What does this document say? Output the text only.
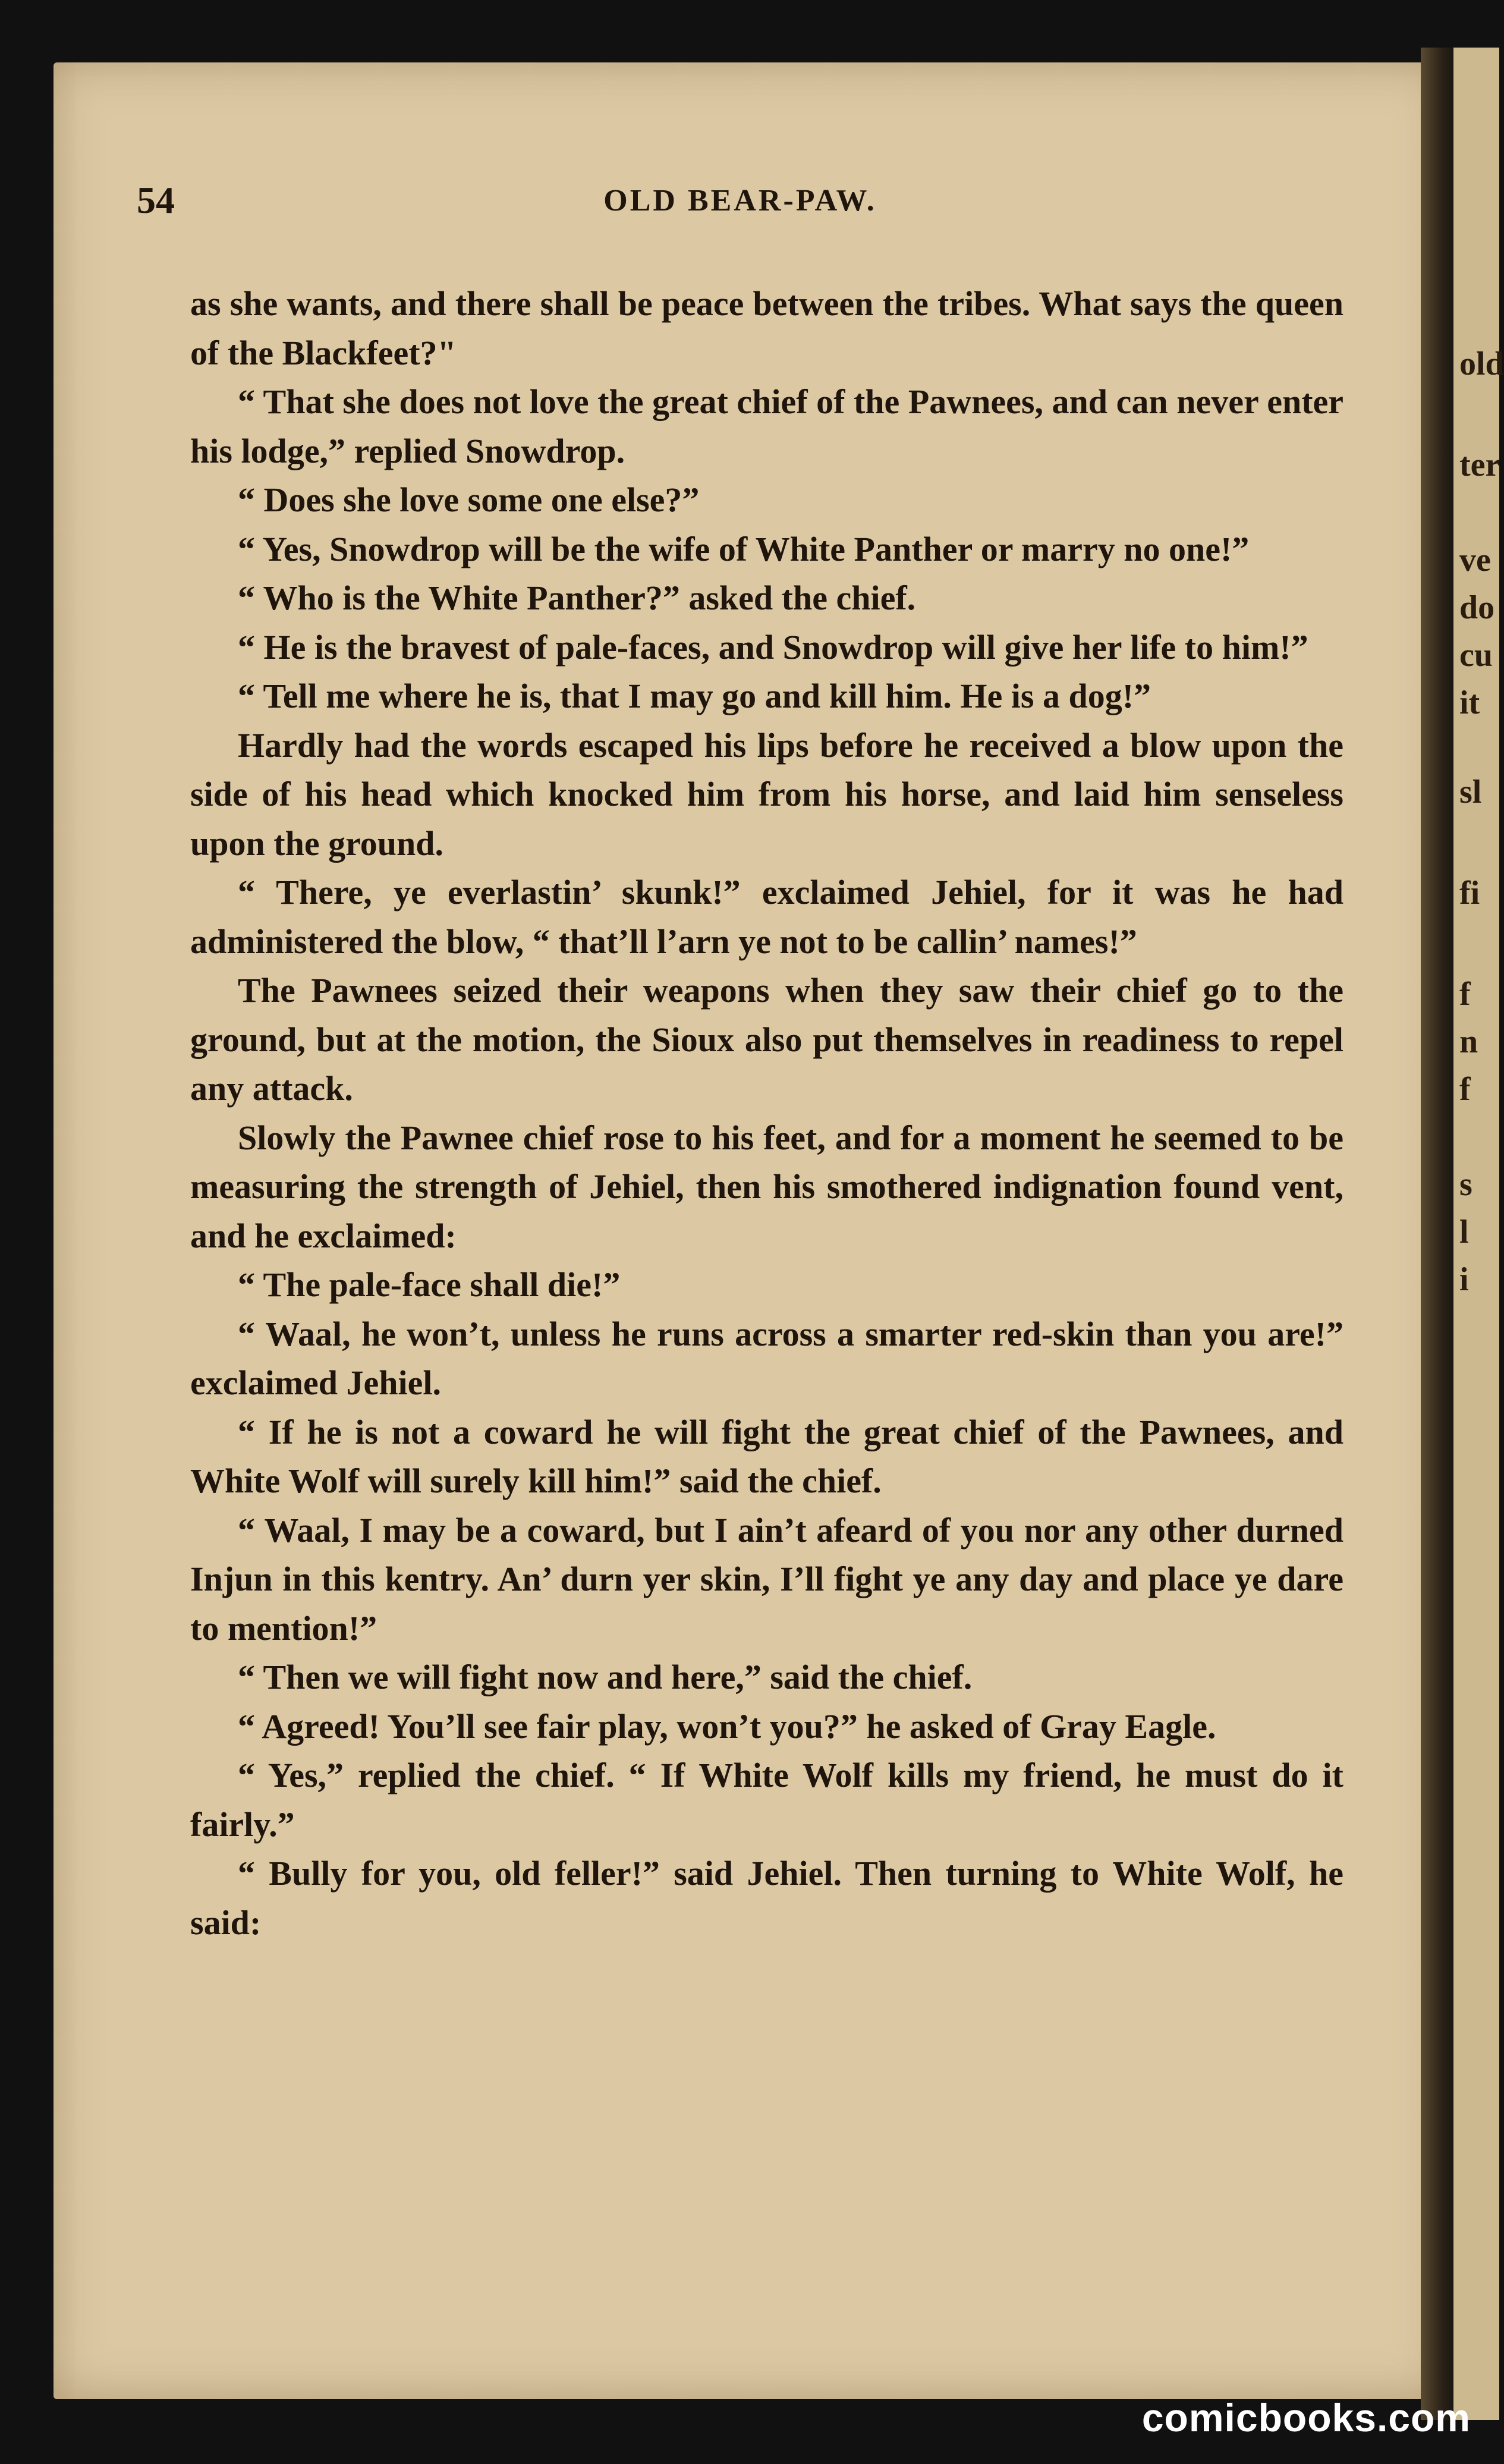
old
ter
ve
do
cu
it
sl
fi
f
n
f
s
l
i
54	OLD BEAR-PAW.

as she wants, and there shall be peace between the tribes. What says the queen of the Blackfeet?"

“ That she does not love the great chief of the Pawnees, and can never enter his lodge,” replied Snowdrop.

“ Does she love some one else?”

“ Yes, Snowdrop will be the wife of White Panther or marry no one!”

“ Who is the White Panther?” asked the chief.

“ He is the bravest of pale-faces, and Snowdrop will give her life to him!”

“ Tell me where he is, that I may go and kill him. He is a dog!”

Hardly had the words escaped his lips before he received a blow upon the side of his head which knocked him from his horse, and laid him senseless upon the ground.

“ There, ye everlastin’ skunk!” exclaimed Jehiel, for it was he had administered the blow, “ that’ll l’arn ye not to be callin’ names!”

The Pawnees seized their weapons when they saw their chief go to the ground, but at the motion, the Sioux also put themselves in readiness to repel any attack.

Slowly the Pawnee chief rose to his feet, and for a moment he seemed to be measuring the strength of Jehiel, then his smothered indignation found vent, and he exclaimed:

“ The pale-face shall die!”

“ Waal, he won’t, unless he runs across a smarter red-skin than you are!” exclaimed Jehiel.

“ If he is not a coward he will fight the great chief of the Pawnees, and White Wolf will surely kill him!” said the chief.

“ Waal, I may be a coward, but I ain’t afeard of you nor any other durned Injun in this kentry. An’ durn yer skin, I’ll fight ye any day and place ye dare to mention!”

“ Then we will fight now and here,” said the chief.

“ Agreed! You’ll see fair play, won’t you?” he asked of Gray Eagle.

“ Yes,” replied the chief. “ If White Wolf kills my friend, he must do it fairly.”

“ Bully for you, old feller!” said Jehiel. Then turning to White Wolf, he said:

comicbooks.com
